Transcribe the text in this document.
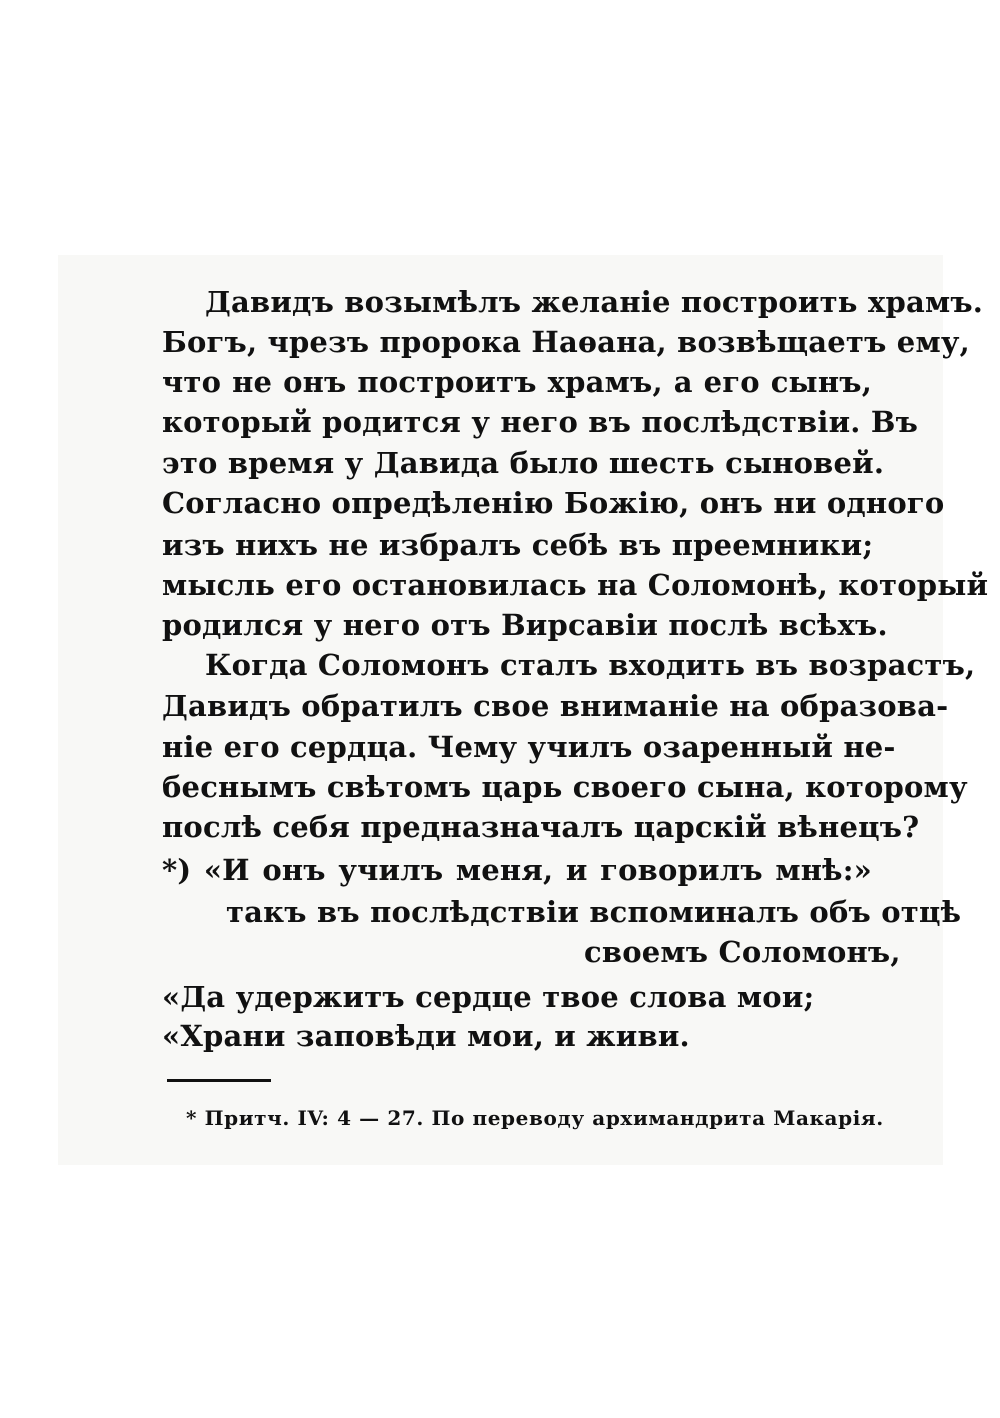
Давидъ возымѣлъ желаніе построить храмъ.
Богъ, чрезъ пророка Наѳана, возвѣщаетъ ему,
что не онъ построитъ храмъ, а его сынъ,
который родится у него въ послѣдствіи. Въ
это время у Давида было шесть сыновей.
Согласно опредѣленію Божію, онъ ни одного
изъ нихъ не избралъ себѣ въ преемники;
мысль его остановилась на Соломонѣ, который
родился у него отъ Вирсавіи послѣ всѣхъ.
Когда Соломонъ сталъ входить въ возрастъ,
Давидъ обратилъ свое вниманіе на образова-
ніе его сердца. Чему училъ озаренный не-
беснымъ свѣтомъ царь своего сына, которому
послѣ себя предназначалъ царскій вѣнецъ?
*) «И онъ училъ меня, и говорилъ мнѣ:»
такъ въ послѣдствіи вспоминалъ объ отцѣ
своемъ Соломонъ,
«Да удержитъ сердце твое слова мои;
«Храни заповѣди мои, и живи.
* Притч. IV: 4 — 27. По переводу архимандрита Макарія.
